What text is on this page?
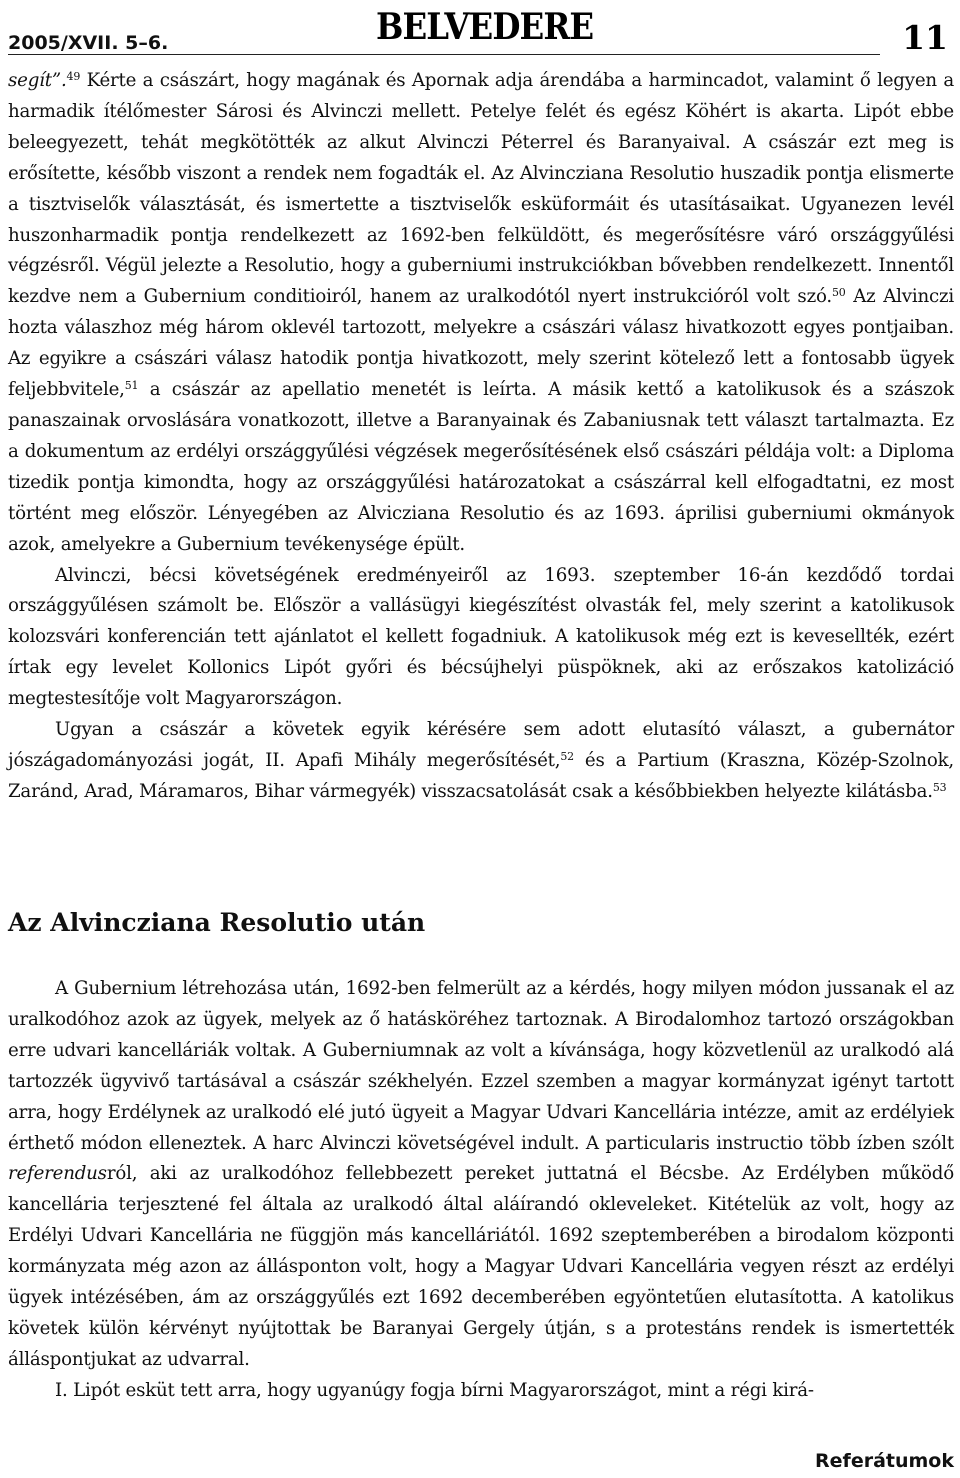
2005/XVII. 5–6.	BELVEDERE	11

segít”.$^{49}$ Kérte a császárt, hogy magának és Apornak adja árendába a harmincadot, valamint ő legyen a harmadik ítélőmester Sárosi és Alvinczi mellett. Petelye felét és egész Köhért is akarta. Lipót ebbe beleegyezett, tehát megkötötték az alkut Alvinczi Péterrel és Baranyaival. A császár ezt meg is erősítette, később viszont a rendek nem fogadták el. Az Alvincziana Resolutio huszadik pontja elismerte a tisztviselők választását, és ismertette a tisztviselők esküformáit és utasításaikat. Ugyanezen levél huszonharmadik pontja rendelkezett az 1692-ben felküldött, és megerősítésre váró országgyűlési végzésről. Végül jelezte a Resolutio, hogy a guberniumi instrukciókban bővebben rendelkezett. Innentől kezdve nem a Gubernium conditioiról, hanem az uralkodótól nyert instrukcióról volt szó.$^{50}$ Az Alvinczi hozta válaszhoz még három oklevél tartozott, melyekre a császári válasz hivatkozott egyes pontjaiban. Az egyikre a császári válasz hatodik pontja hivatkozott, mely szerint kötelező lett a fontosabb ügyek feljebbvitele,$^{51}$ a császár az apellatio menetét is leírta. A másik kettő a katolikusok és a szászok panaszainak orvoslására vonatkozott, illetve a Baranyainak és Zabaniusnak tett választ tartalmazta. Ez a dokumentum az erdélyi országgyűlési végzések megerősítésének első császári példája volt: a Diploma tizedik pontja kimondta, hogy az országgyűlési határozatokat a császárral kell elfogadtatni, ez most történt meg először. Lényegében az Alvicziana Resolutio és az 1693. áprilisi guberniumi okmányok azok, amelyekre a Gubernium tevékenysége épült.

Alvinczi, bécsi követségének eredményeiről az 1693. szeptember 16-án kezdődő tordai országgyűlésen számolt be. Először a vallásügyi kiegészítést olvasták fel, mely szerint a katolikusok kolozsvári konferencián tett ajánlatot el kellett fogadniuk. A katolikusok még ezt is kevesellték, ezért írtak egy levelet Kollonics Lipót győri és bécsújhelyi püspöknek, aki az erőszakos katolizáció megtestesítője volt Magyarországon.

Ugyan a császár a követek egyik kérésére sem adott elutasító választ, a gubernátor jószágadományozási jogát, II. Apafi Mihály megerősítését,$^{52}$ és a Partium (Kraszna, Közép-Szolnok, Zaránd, Arad, Máramaros, Bihar vármegyék) visszacsatolását csak a későbbiekben helyezte kilátásba.$^{53}$

Az Alvincziana Resolutio után

A Gubernium létrehozása után, 1692-ben felmerült az a kérdés, hogy milyen módon jussanak el az uralkodóhoz azok az ügyek, melyek az ő hatásköréhez tartoznak. A Birodalomhoz tartozó országokban erre udvari kancelláriák voltak. A Guberniumnak az volt a kívánsága, hogy közvetlenül az uralkodó alá tartozzék ügyvivő tartásával a császár székhelyén. Ezzel szemben a magyar kormányzat igényt tartott arra, hogy Erdélynek az uralkodó elé jutó ügyeit a Magyar Udvari Kancellária intézze, amit az erdélyiek érthető módon elleneztek. A harc Alvinczi követségével indult. A particularis instructio több ízben szólt referendusról, aki az uralkodóhoz fellebbezett pereket juttatná el Bécsbe. Az Erdélyben működő kancellária terjesztené fel általa az uralkodó által aláírandó okleveleket. Kitételük az volt, hogy az Erdélyi Udvari Kancellária ne függjön más kancelláriától. 1692 szeptemberében a birodalom központi kormányzata még azon az állásponton volt, hogy a Magyar Udvari Kancellária vegyen részt az erdélyi ügyek intézésében, ám az országgyűlés ezt 1692 decemberében egyöntetűen elutasította. A katolikus követek külön kérvényt nyújtottak be Baranyai Gergely útján, s a protestáns rendek is ismertették álláspontjukat az udvarral.

I. Lipót esküt tett arra, hogy ugyanúgy fogja bírni Magyarországot, mint a régi kirá-

Referátumok
